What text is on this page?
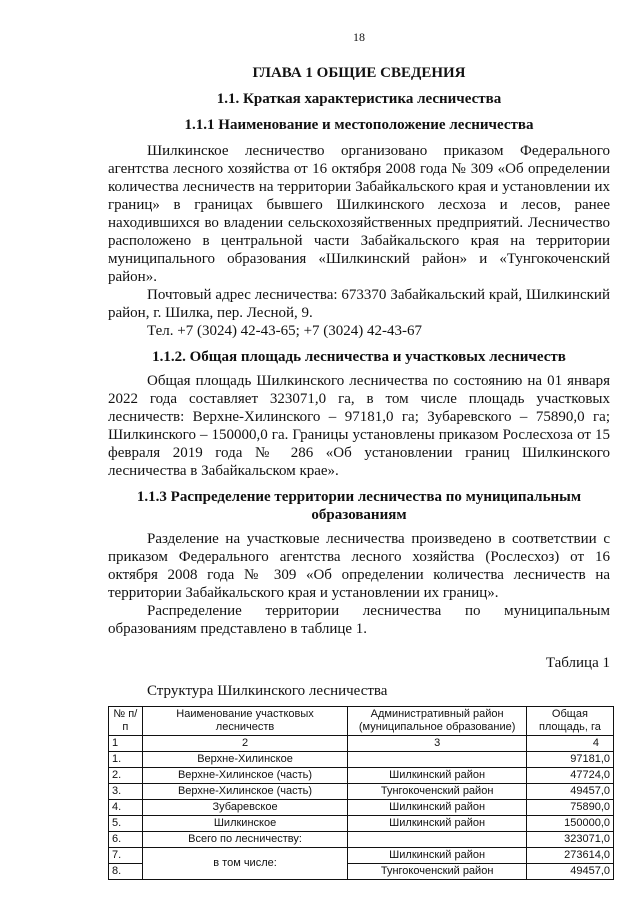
18
ГЛАВА 1 ОБЩИЕ СВЕДЕНИЯ
1.1. Краткая характеристика лесничества
1.1.1 Наименование и местоположение лесничества

Шилкинское лесничество организовано приказом Федерального агентства лесного хозяйства от 16 октября 2008 года № 309 «Об определении количества лесничеств на территории Забайкальского края и установлении их границ» в границах бывшего Шилкинского лесхоза и лесов, ранее находившихся во владении сельскохозяйственных предприятий. Лесничество расположено в центральной части Забайкальского края на территории муниципального образования «Шилкинский район» и «Тунгокоченский район».

Почтовый адрес лесничества: 673370 Забайкальский край, Шилкинский район, г. Шилка, пер. Лесной, 9.

Тел. +7 (3024) 42-43-65; +7 (3024) 42-43-67

1.1.2. Общая площадь лесничества и участковых лесничеств

Общая площадь Шилкинского лесничества по состоянию на 01 января 2022 года составляет 323071,0 га, в том числе площадь участковых лесничеств: Верхне-Хилинского – 97181,0 га; Зубаревского – 75890,0 га; Шилкинского – 150000,0 га. Границы установлены приказом Рослесхоза от 15 февраля 2019 года № 286 «Об установлении границ Шилкинского лесничества в Забайкальском крае».

1.1.3 Распределение территории лесничества по муниципальным образованиям

Разделение на участковые лесничества произведено в соответствии с приказом Федерального агентства лесного хозяйства (Рослесхоз) от 16 октября 2008 года № 309 «Об определении количества лесничеств на территории Забайкальского края и установлении их границ».

Распределение территории лесничества по муниципальным образованиям представлено в таблице 1.

Таблица 1
Структура Шилкинского лесничества
№ п/п	Наименование участковых лесничеств	Административный район (муниципальное образование)	Общая площадь, га
1	2	3	4
1.	Верхне-Хилинское		97181,0
2.	Верхне-Хилинское (часть)	Шилкинский район	47724,0
3.	Верхне-Хилинское (часть)	Тунгокоченский район	49457,0
4.	Зубаревское	Шилкинский район	75890,0
5.	Шилкинское	Шилкинский район	150000,0
6.	Всего по лесничеству:		323071,0
7.	в том числе:	Шилкинский район	273614,0
8.		Тунгокоченский район	49457,0
